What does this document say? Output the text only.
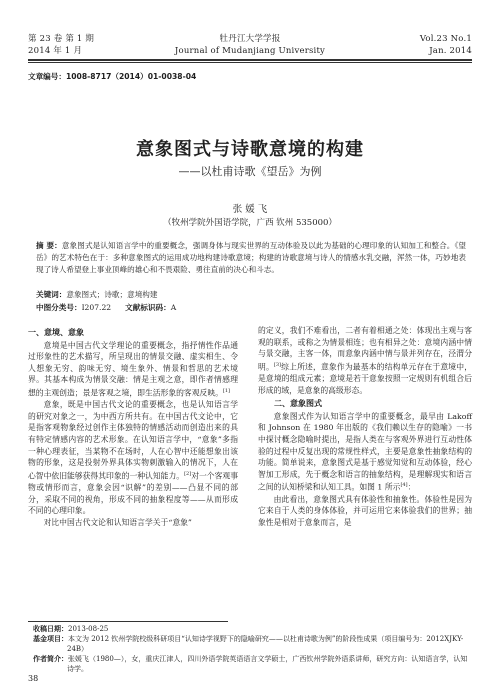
第 23 卷 第 1 期
2014 年 1 月
牡丹江大学学报
Journal of Mudanjiang University
Vol.23 No.1
Jan. 2014
文章编号：1008-8717（2014）01-0038-04
意象图式与诗歌意境的构建
——以杜甫诗歌《望岳》为例
张 媛 飞
（牧州学院外国语学院，广西 钦州 535000）
摘 要：意象图式是认知语言学中的重要概念，强调身体与现实世界的互动体验及以此为基础的心理印象的认知加工和整合。《望岳》的艺术特色在于：多种意象图式的运用成功地构建诗歌意境；构建的诗歌意境与诗人的情感水乳交融，浑然一体，巧妙地表现了诗人希望登上事业顶峰的雄心和不畏艰险、勇往直前的决心和斗志。
关键词：意象图式；诗歌；意境构建
中图分类号：I207.22 文献标识码：A
一、意境、意象

意境是中国古代文学理论的重要概念，指抒情性作品通过形象性的艺术描写，所呈现出的情景交融、虚实相生、令人想象无穷、韵味无穷、境生象外、情景和哲思的艺术境界。其基本构成为情景交融：情是主观之意，即作者情感理想的主观创造；景是客观之境，即生活形象的客观反映。[1]

意象，既是中国古代文论的重要概念，也是认知语言学的研究对象之一，为中西方所共有。在中国古代文论中，它是指客观物象经过创作主体独特的情感活动而创造出来的具有特定情感内容的艺术形象。在认知语言学中，“意象”多指一种心理表征，当某物不在场时，人在心智中还能想象出该物的形象，这是投射外界具体实物刺激输入的情况下，人在心智中依旧能够获得其印象的一种认知能力。[2]对一个客观事物或情形而言，意象会因“识解”的差别——凸显不同的部分，采取不同的视角，形成不同的抽象程度等——从而形成不同的心理印象。

对比中国古代文论和认知语言学关于“意象”

的定义，我们不难看出，二者有着相通之处：体现出主观与客观的联系，或称之为情景相连；也有相异之处：意境内涵中情与景交融，主客一体，而意象内涵中情与景并列存在，泾渭分明。[3]综上所述，意象作为最基本的结构单元存在于意境中，是意境的组成元素；意境是若干意象按照一定规则有机组合后形成的域，是意象的高级形态。

二、意象图式

意象图式作为认知语言学中的重要概念，最早由 Lakoff 和 Johnson 在 1980 年出版的《我们赖以生存的隐喻》一书中探讨概念隐喻时提出，是指人类在与客观外界进行互动性体验的过程中反复出现的常规性样式，主要是意象性抽象结构的功能。简单说来，意象图式是基于感觉知觉和互动体验，经心智加工形成，先于概念和语言的抽象结构，是理解现实和语言之间的认知桥梁和认知工具。如图 1 所示[4]：

由此看出，意象图式具有体验性和抽象性。体验性是因为它来自于人类的身体体验，并可运用它来体验我们的世界；抽象性是相对于意象而言，是

收稿日期：2013-08-25
基金项目：本文为 2012 钦州学院校级科研项目“认知诗学视野下的隐喻研究——以杜甫诗歌为例”的阶段性成果（项目编号为：2012XJKY-24B）
作者简介：张媛飞（1980—），女，重庆江津人，四川外语学院英语语言文学硕士，广西钦州学院外语系讲师，研究方向：认知语言学，认知诗学。
38
